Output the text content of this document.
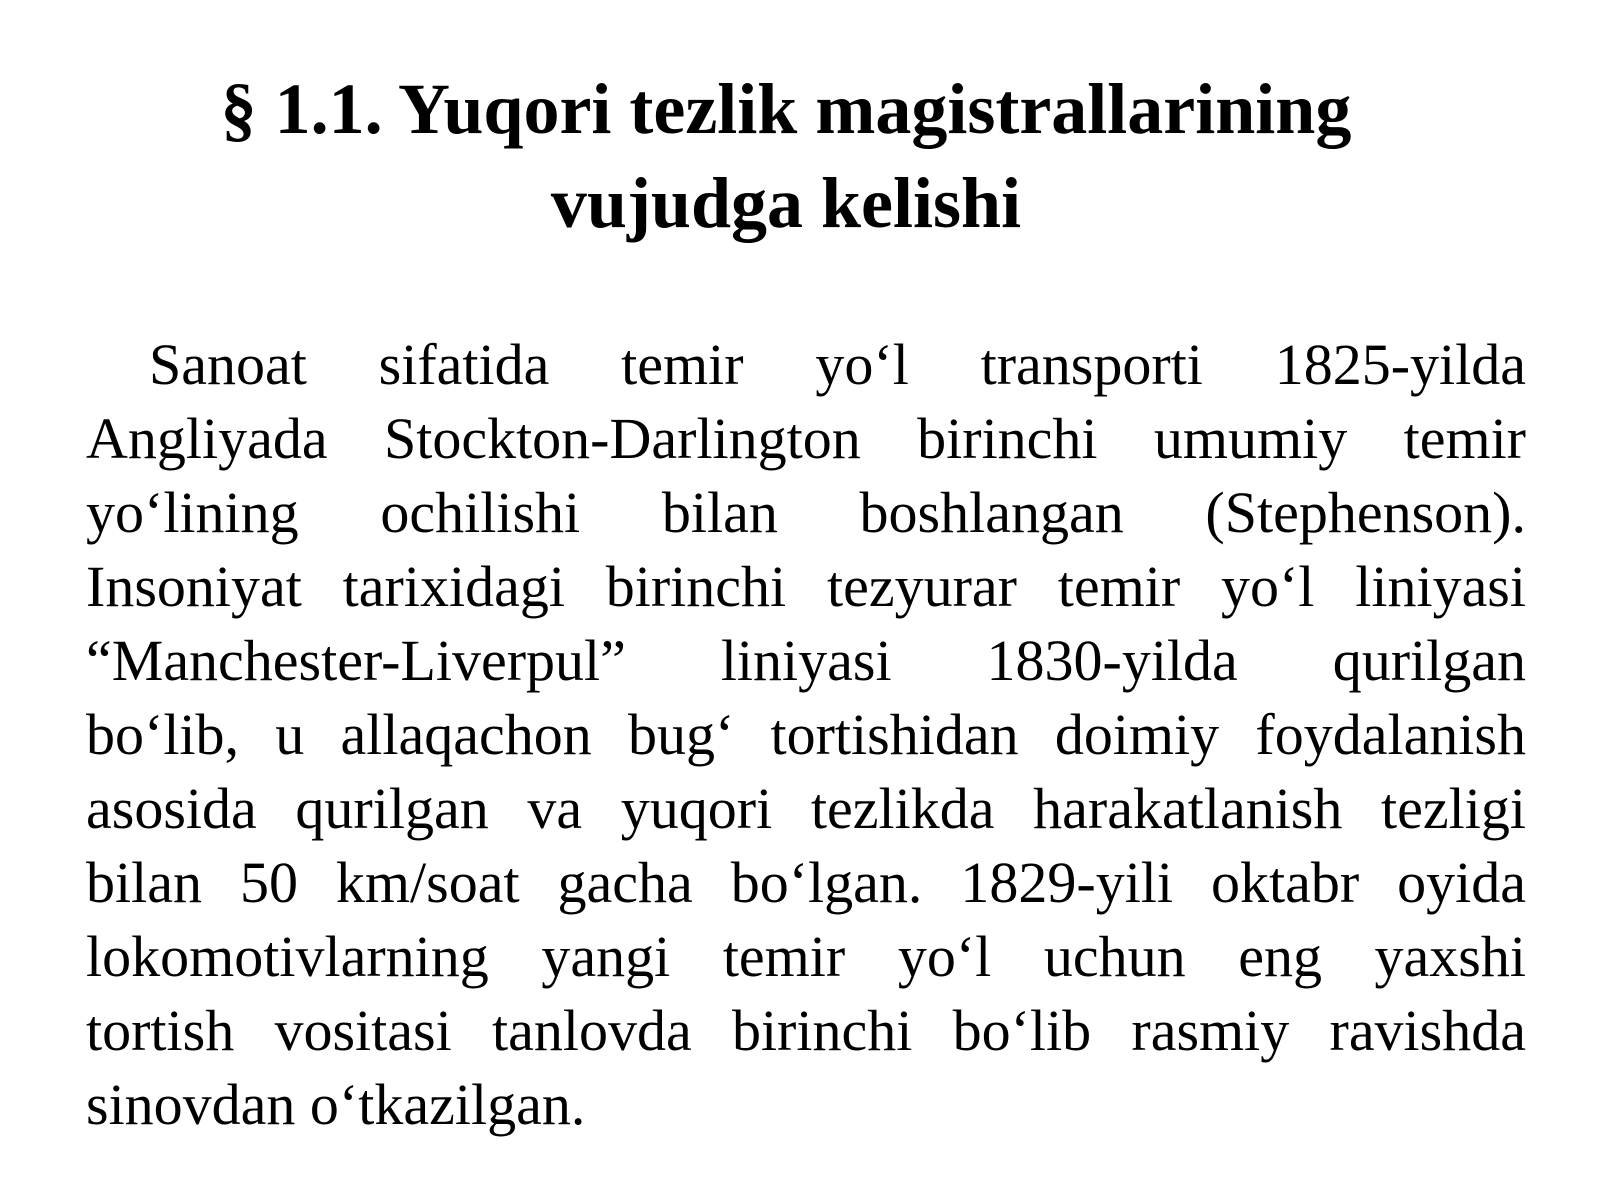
§ 1.1. Yuqori tezlik magistrallarining
vujudga kelishi
Sanoat sifatida temir yo‘l transporti 1825-yilda
Angliyada Stockton-Darlington birinchi umumiy temir
yo‘lining ochilishi bilan boshlangan (Stephenson).
Insoniyat tarixidagi birinchi tezyurar temir yo‘l liniyasi
“Manchester-Liverpul” liniyasi 1830-yilda qurilgan
bo‘lib, u allaqachon bug‘ tortishidan doimiy foydalanish
asosida qurilgan va yuqori tezlikda harakatlanish tezligi
bilan 50 km/soat gacha bo‘lgan. 1829-yili oktabr oyida
lokomotivlarning yangi temir yo‘l uchun eng yaxshi
tortish vositasi tanlovda birinchi bo‘lib rasmiy ravishda
sinovdan o‘tkazilgan.
